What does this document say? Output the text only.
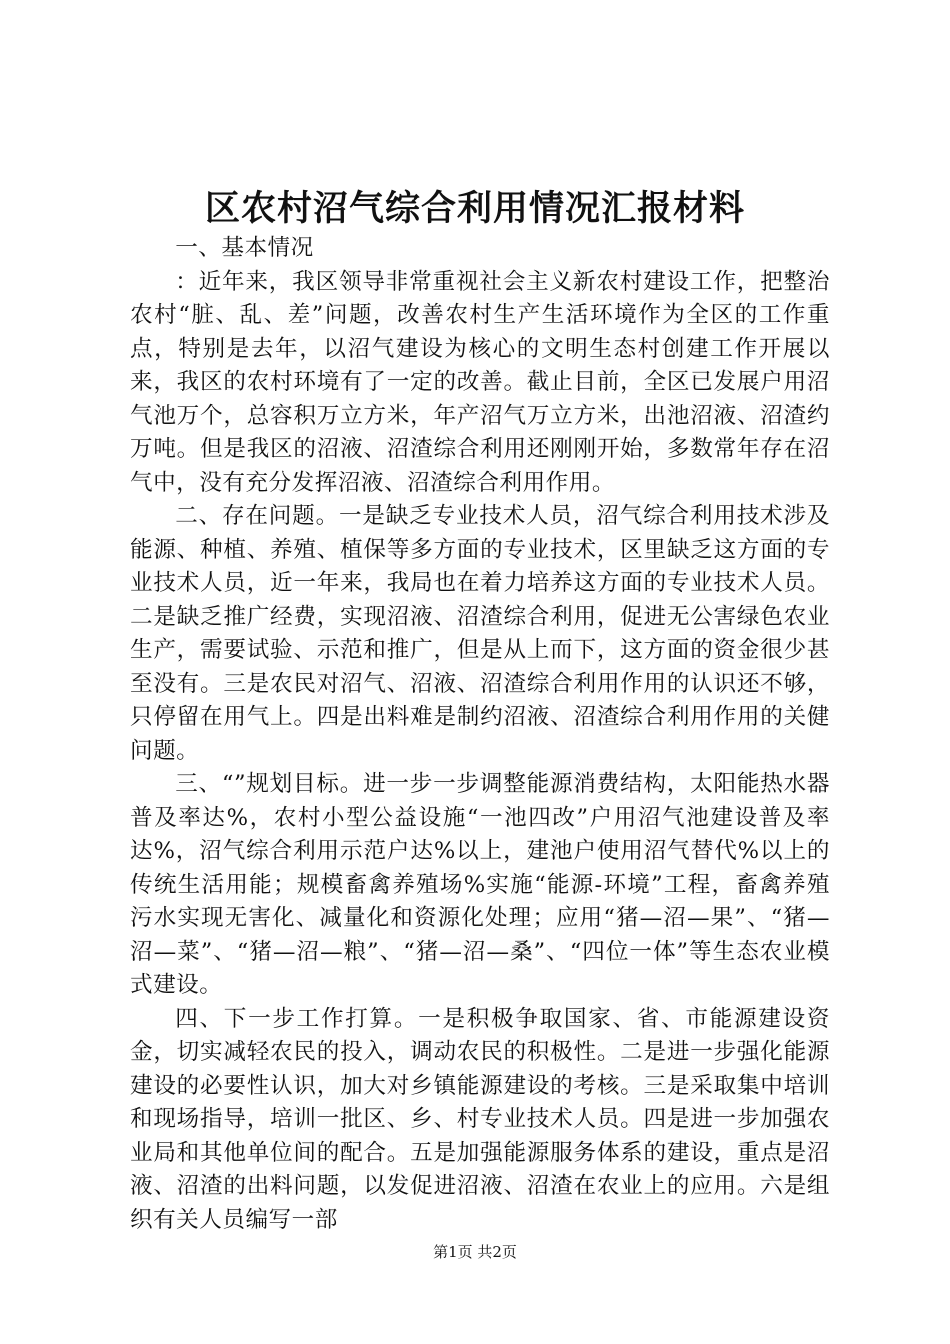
区农村沼气综合利用情况汇报材料

一、基本情况

：近年来，我区领导非常重视社会主义新农村建设工作，把整治农村“脏、乱、差”问题，改善农村生产生活环境作为全区的工作重点，特别是去年，以沼气建设为核心的文明生态村创建工作开展以来，我区的农村环境有了一定的改善。截止目前，全区已发展户用沼气池万个，总容积万立方米，年产沼气万立方米，出池沼液、沼渣约万吨。但是我区的沼液、沼渣综合利用还刚刚开始，多数常年存在沼气中，没有充分发挥沼液、沼渣综合利用作用。

二、存在问题。一是缺乏专业技术人员，沼气综合利用技术涉及能源、种植、养殖、植保等多方面的专业技术，区里缺乏这方面的专业技术人员，近一年来，我局也在着力培养这方面的专业技术人员。二是缺乏推广经费，实现沼液、沼渣综合利用，促进无公害绿色农业生产，需要试验、示范和推广，但是从上而下，这方面的资金很少甚至没有。三是农民对沼气、沼液、沼渣综合利用作用的认识还不够，只停留在用气上。四是出料难是制约沼液、沼渣综合利用作用的关健问题。

三、“”规划目标。进一步一步调整能源消费结构，太阳能热水器普及率达%，农村小型公益设施“一池四改”户用沼气池建设普及率达%，沼气综合利用示范户达%以上，建池户使用沼气替代%以上的传统生活用能；规模畜禽养殖场%实施“能源-环境”工程，畜禽养殖污水实现无害化、减量化和资源化处理；应用“猪—沼—果”、“猪—沼—菜”、“猪—沼—粮”、“猪—沼—桑”、“四位一体”等生态农业模式建设。

四、下一步工作打算。一是积极争取国家、省、市能源建设资金，切实减轻农民的投入，调动农民的积极性。二是进一步强化能源建设的必要性认识，加大对乡镇能源建设的考核。三是采取集中培训和现场指导，培训一批区、乡、村专业技术人员。四是进一步加强农业局和其他单位间的配合。五是加强能源服务体系的建设，重点是沼液、沼渣的出料问题，以发促进沼液、沼渣在农业上的应用。六是组织有关人员编写一部

第1页 共2页
